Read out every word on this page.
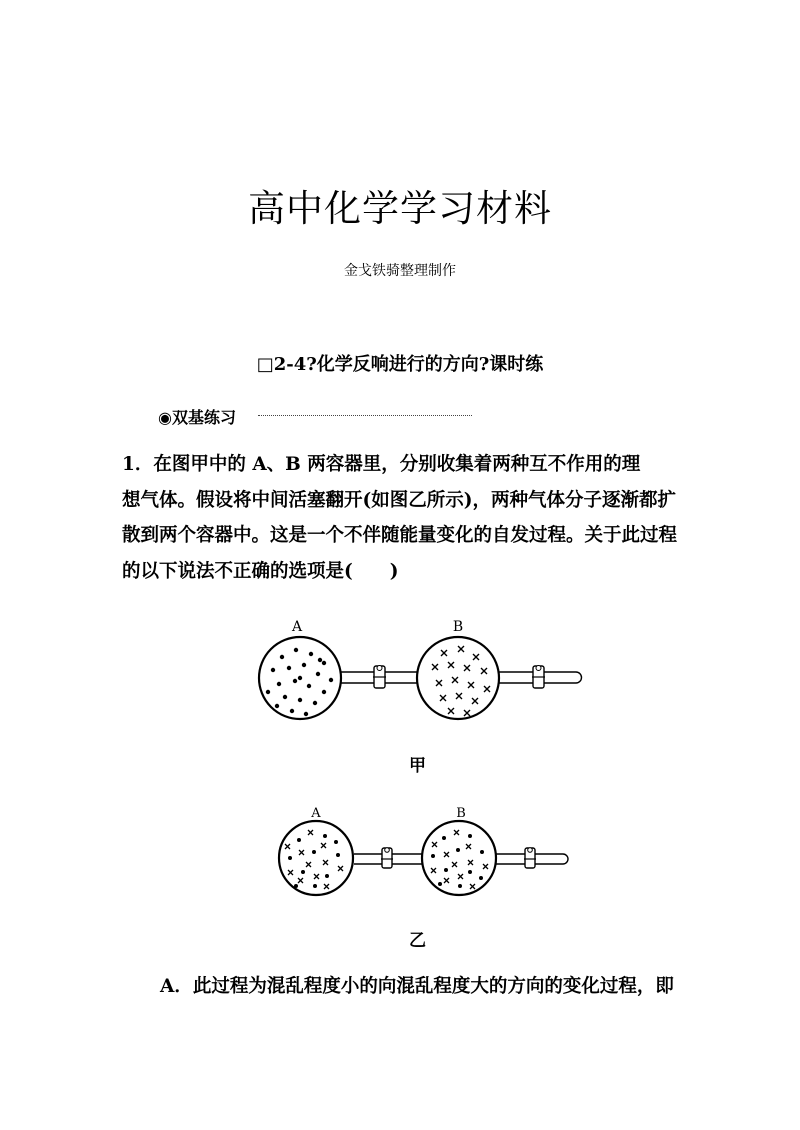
高中化学学习材料
金戈铁骑整理制作
□2-4?化学反响进行的方向?课时练
◉双基练习
1．在图甲中的 A、B 两容器里，分别收集着两种互不作用的理
想气体。假设将中间活塞翻开(如图乙所示)，两种气体分子逐渐都扩
散到两个容器中。这是一个不伴随能量变化的自发过程。关于此过程
的以下说法不正确的选项是(　　)
A	B
甲
A	B
乙
A．此过程为混乱程度小的向混乱程度大的方向的变化过程，即
